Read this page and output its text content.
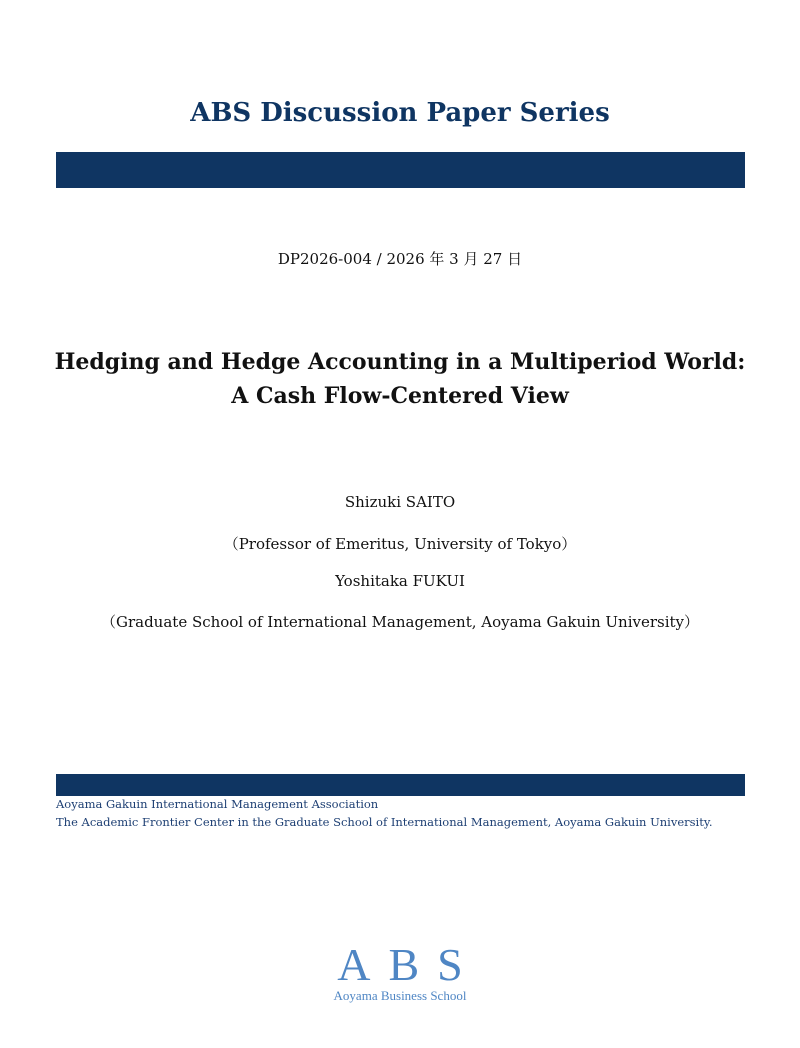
ABS Discussion Paper Series
DP2026-004 / 2026 年 3 月 27 日
Hedging and Hedge Accounting in a Multiperiod World:
A Cash Flow-Centered View
Shizuki SAITO
（Professor of Emeritus, University of Tokyo）
Yoshitaka FUKUI
（Graduate School of International Management, Aoyama Gakuin University）
Aoyama Gakuin International Management Association
The Academic Frontier Center in the Graduate School of International Management, Aoyama Gakuin University.
ABS
Aoyama Business School
